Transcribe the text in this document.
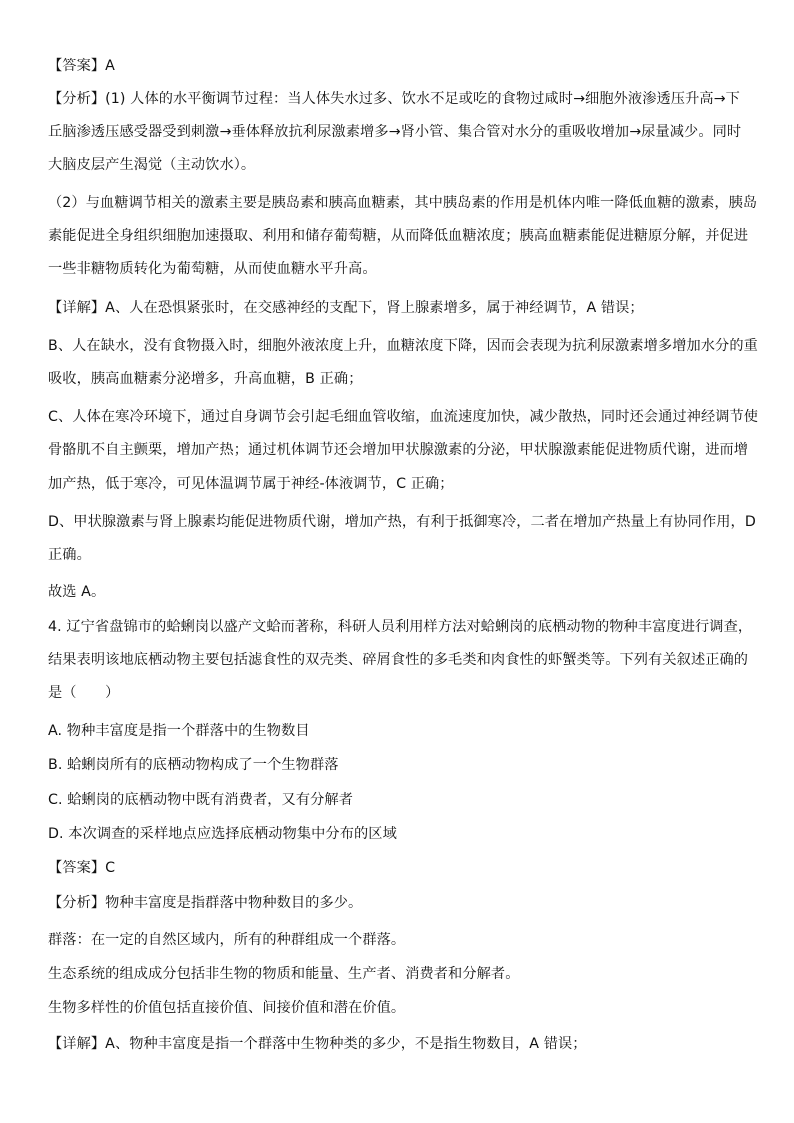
【答案】A
【分析】(1) 人体的水平衡调节过程：当人体失水过多、饮水不足或吃的食物过咸时→细胞外液渗透压升高→下
丘脑渗透压感受器受到刺激→垂体释放抗利尿激素增多→肾小管、集合管对水分的重吸收增加→尿量减少。同时
大脑皮层产生渴觉（主动饮水）。
（2）与血糖调节相关的激素主要是胰岛素和胰高血糖素，其中胰岛素的作用是机体内唯一降低血糖的激素，胰岛
素能促进全身组织细胞加速摄取、利用和储存葡萄糖，从而降低血糖浓度；胰高血糖素能促进糖原分解，并促进
一些非糖物质转化为葡萄糖，从而使血糖水平升高。
【详解】A、人在恐惧紧张时，在交感神经的支配下，肾上腺素增多，属于神经调节，A 错误；
B、人在缺水，没有食物摄入时，细胞外液浓度上升，血糖浓度下降，因而会表现为抗利尿激素增多增加水分的重
吸收，胰高血糖素分泌增多，升高血糖，B 正确；
C、人体在寒冷环境下，通过自身调节会引起毛细血管收缩，血流速度加快，减少散热，同时还会通过神经调节使
骨骼肌不自主颤栗，增加产热；通过机体调节还会增加甲状腺激素的分泌，甲状腺激素能促进物质代谢，进而增
加产热，低于寒冷，可见体温调节属于神经-体液调节，C 正确；
D、甲状腺激素与肾上腺素均能促进物质代谢，增加产热，有利于抵御寒冷，二者在增加产热量上有协同作用，D
正确。
故选 A。
4. 辽宁省盘锦市的蛤蜊岗以盛产文蛤而著称，科研人员利用样方法对蛤蜊岗的底栖动物的物种丰富度进行调查，
结果表明该地底栖动物主要包括滤食性的双壳类、碎屑食性的多毛类和肉食性的虾蟹类等。下列有关叙述正确的
是（　　）
A. 物种丰富度是指一个群落中的生物数目
B. 蛤蜊岗所有的底栖动物构成了一个生物群落
C. 蛤蜊岗的底栖动物中既有消费者，又有分解者
D. 本次调查的采样地点应选择底栖动物集中分布的区域
【答案】C
【分析】物种丰富度是指群落中物种数目的多少。
群落：在一定的自然区域内，所有的种群组成一个群落。
生态系统的组成成分包括非生物的物质和能量、生产者、消费者和分解者。
生物多样性的价值包括直接价值、间接价值和潜在价值。
【详解】A、物种丰富度是指一个群落中生物种类的多少，不是指生物数目，A 错误；
